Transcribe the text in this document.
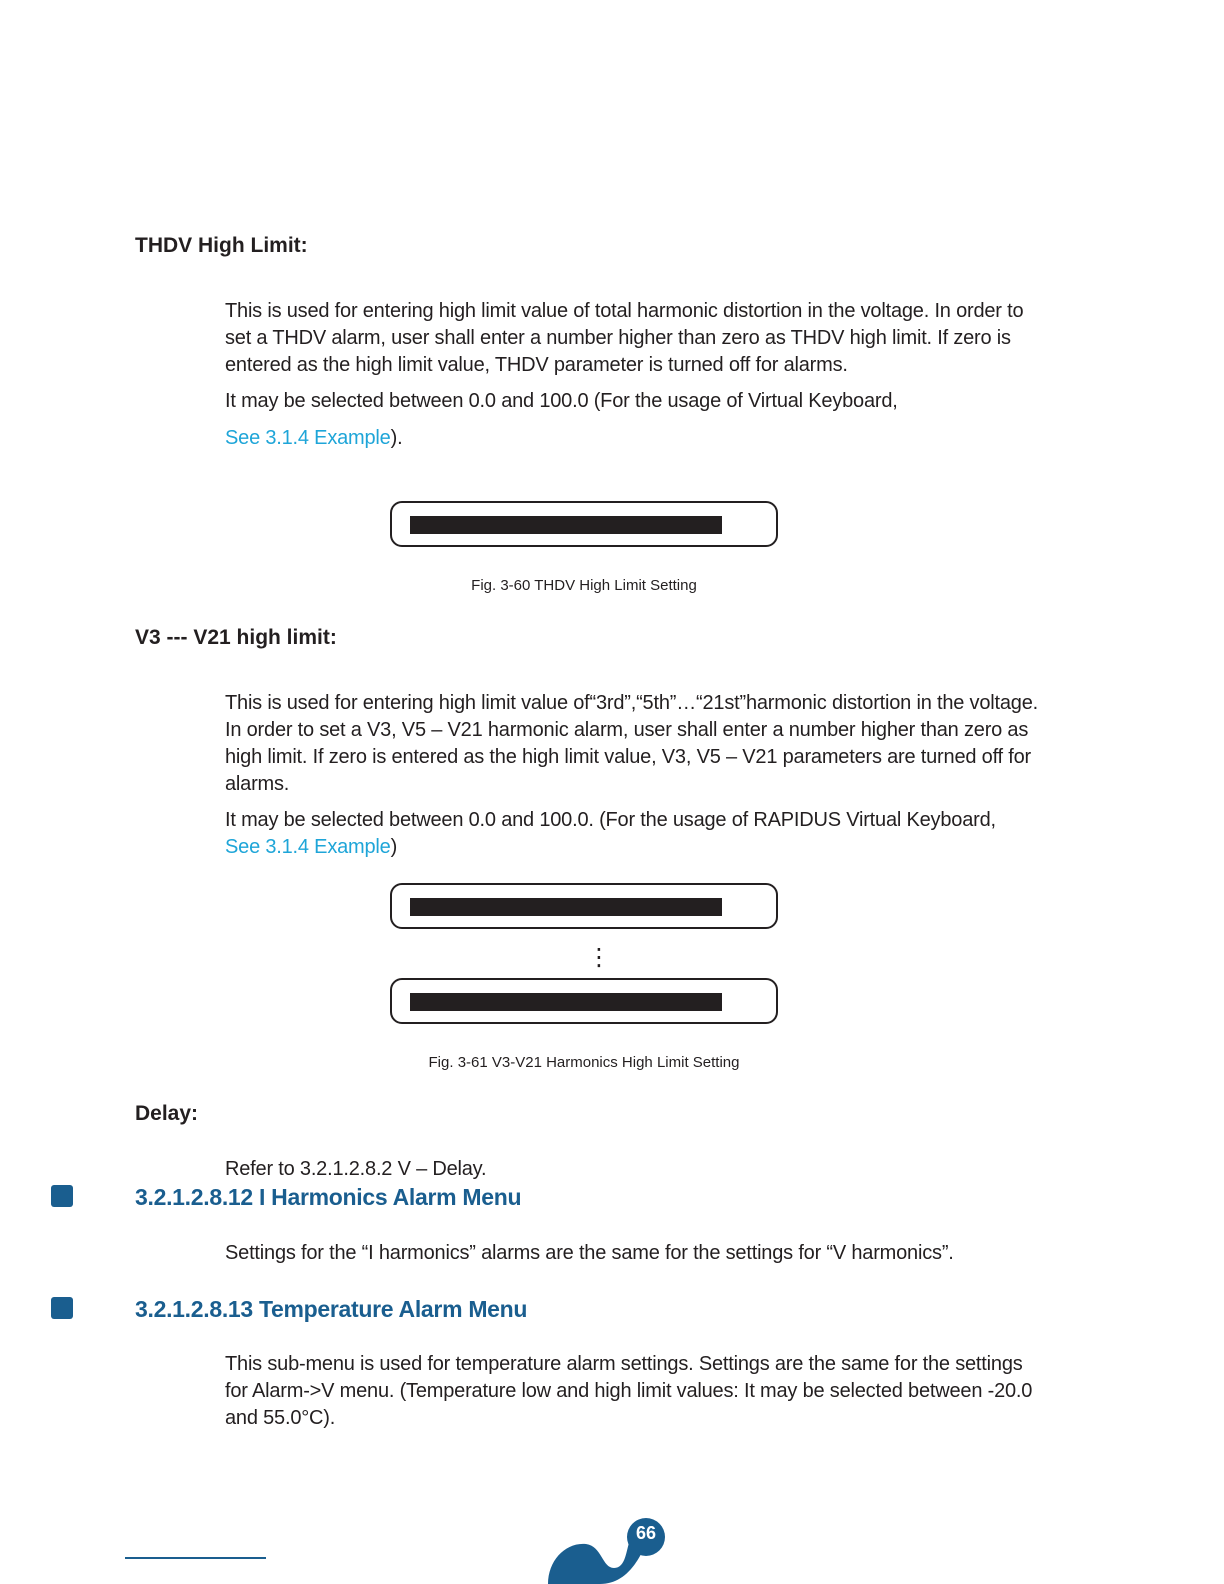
THDV High Limit:
This is used for entering high limit value of total harmonic distortion in the voltage. In order to set a THDV alarm, user shall enter a number higher than zero as THDV high limit. If zero is entered as the high limit value, THDV parameter is turned off for alarms.
It may be selected between 0.0 and 100.0 (For the usage of Virtual Keyboard,
See 3.1.4 Example).
Fig. 3-60 THDV High Limit Setting
V3 --- V21 high limit:
This is used for entering high limit value of“3rd”,“5th”…“21st”harmonic distortion in the voltage. In order to set a V3, V5 – V21 harmonic alarm, user shall enter a number higher than zero as high limit. If zero is entered as the high limit value, V3, V5 – V21 parameters are turned off for alarms.
It may be selected between 0.0 and 100.0. (For the usage of RAPIDUS Virtual Keyboard,
See 3.1.4 Example)
⋮
Fig. 3-61 V3-V21 Harmonics High Limit Setting
Delay:
Refer to 3.2.1.2.8.2 V – Delay.
3.2.1.2.8.12 I Harmonics Alarm Menu
Settings for the “I harmonics” alarms are the same for the settings for “V harmonics”.
3.2.1.2.8.13 Temperature Alarm Menu
This sub-menu is used for temperature alarm settings. Settings are the same for the settings for Alarm->V menu. (Temperature low and high limit values: It may be selected between -20.0 and 55.0°C).
66
